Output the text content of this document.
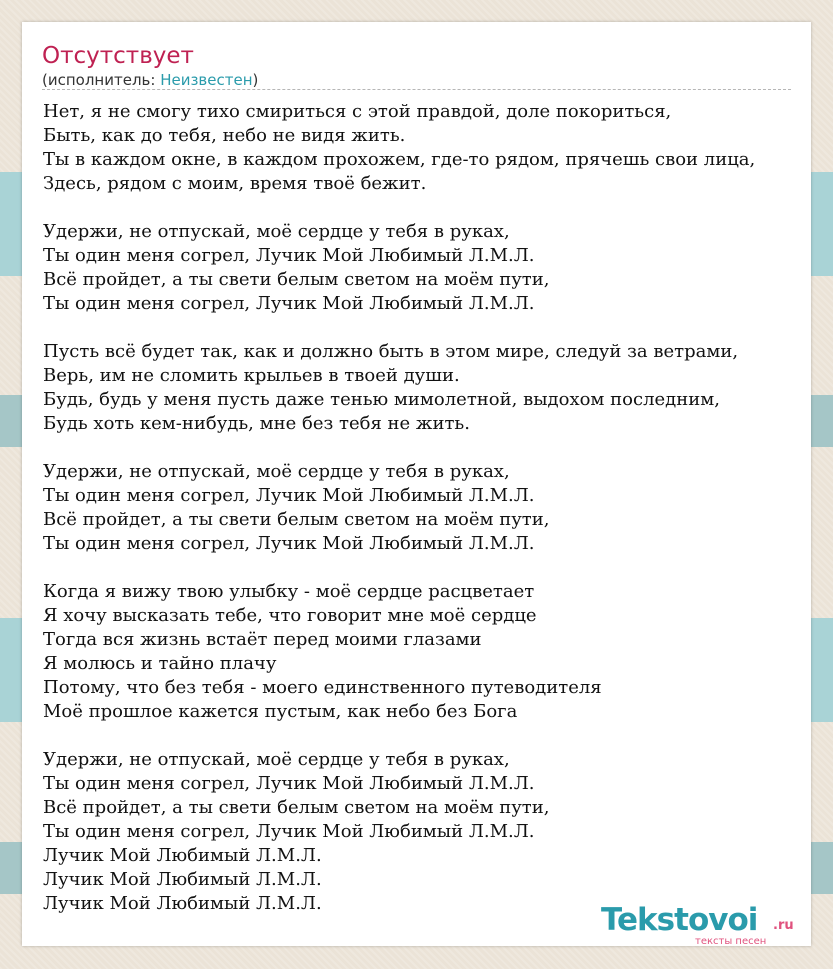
Отсутствует
(исполнитель: Неизвестен)
Нет, я не смогу тихо смириться с этой правдой, доле покориться,
Быть, как до тебя, небо не видя жить.
Ты в каждом окне, в каждом прохожем, где-то рядом, прячешь свои лица,
Здесь, рядом с моим, время твоё бежит.
Удержи, не отпускай, моё сердце у тебя в руках,
Ты один меня согрел, Лучик Мой Любимый Л.М.Л.
Всё пройдет, а ты свети белым светом на моём пути,
Ты один меня согрел, Лучик Мой Любимый Л.М.Л.
Пусть всё будет так, как и должно быть в этом мире, следуй за ветрами,
Верь, им не сломить крыльев в твоей души.
Будь, будь у меня пусть даже тенью мимолетной, выдохом последним,
Будь хоть кем-нибудь, мне без тебя не жить.
Удержи, не отпускай, моё сердце у тебя в руках,
Ты один меня согрел, Лучик Мой Любимый Л.М.Л.
Всё пройдет, а ты свети белым светом на моём пути,
Ты один меня согрел, Лучик Мой Любимый Л.М.Л.
Когда я вижу твою улыбку - моё сердце расцветает
Я хочу высказать тебе, что говорит мне моё сердце
Тогда вся жизнь встаёт перед моими глазами
Я молюсь и тайно плачу
Потому, что без тебя - моего единственного путеводителя
Моё прошлое кажется пустым, как небо без Бога
Удержи, не отпускай, моё сердце у тебя в руках,
Ты один меня согрел, Лучик Мой Любимый Л.М.Л.
Всё пройдет, а ты свети белым светом на моём пути,
Ты один меня согрел, Лучик Мой Любимый Л.М.Л.
Лучик Мой Любимый Л.М.Л.
Лучик Мой Любимый Л.М.Л.
Лучик Мой Любимый Л.М.Л.	Tekstovoi .ru
тексты песен
